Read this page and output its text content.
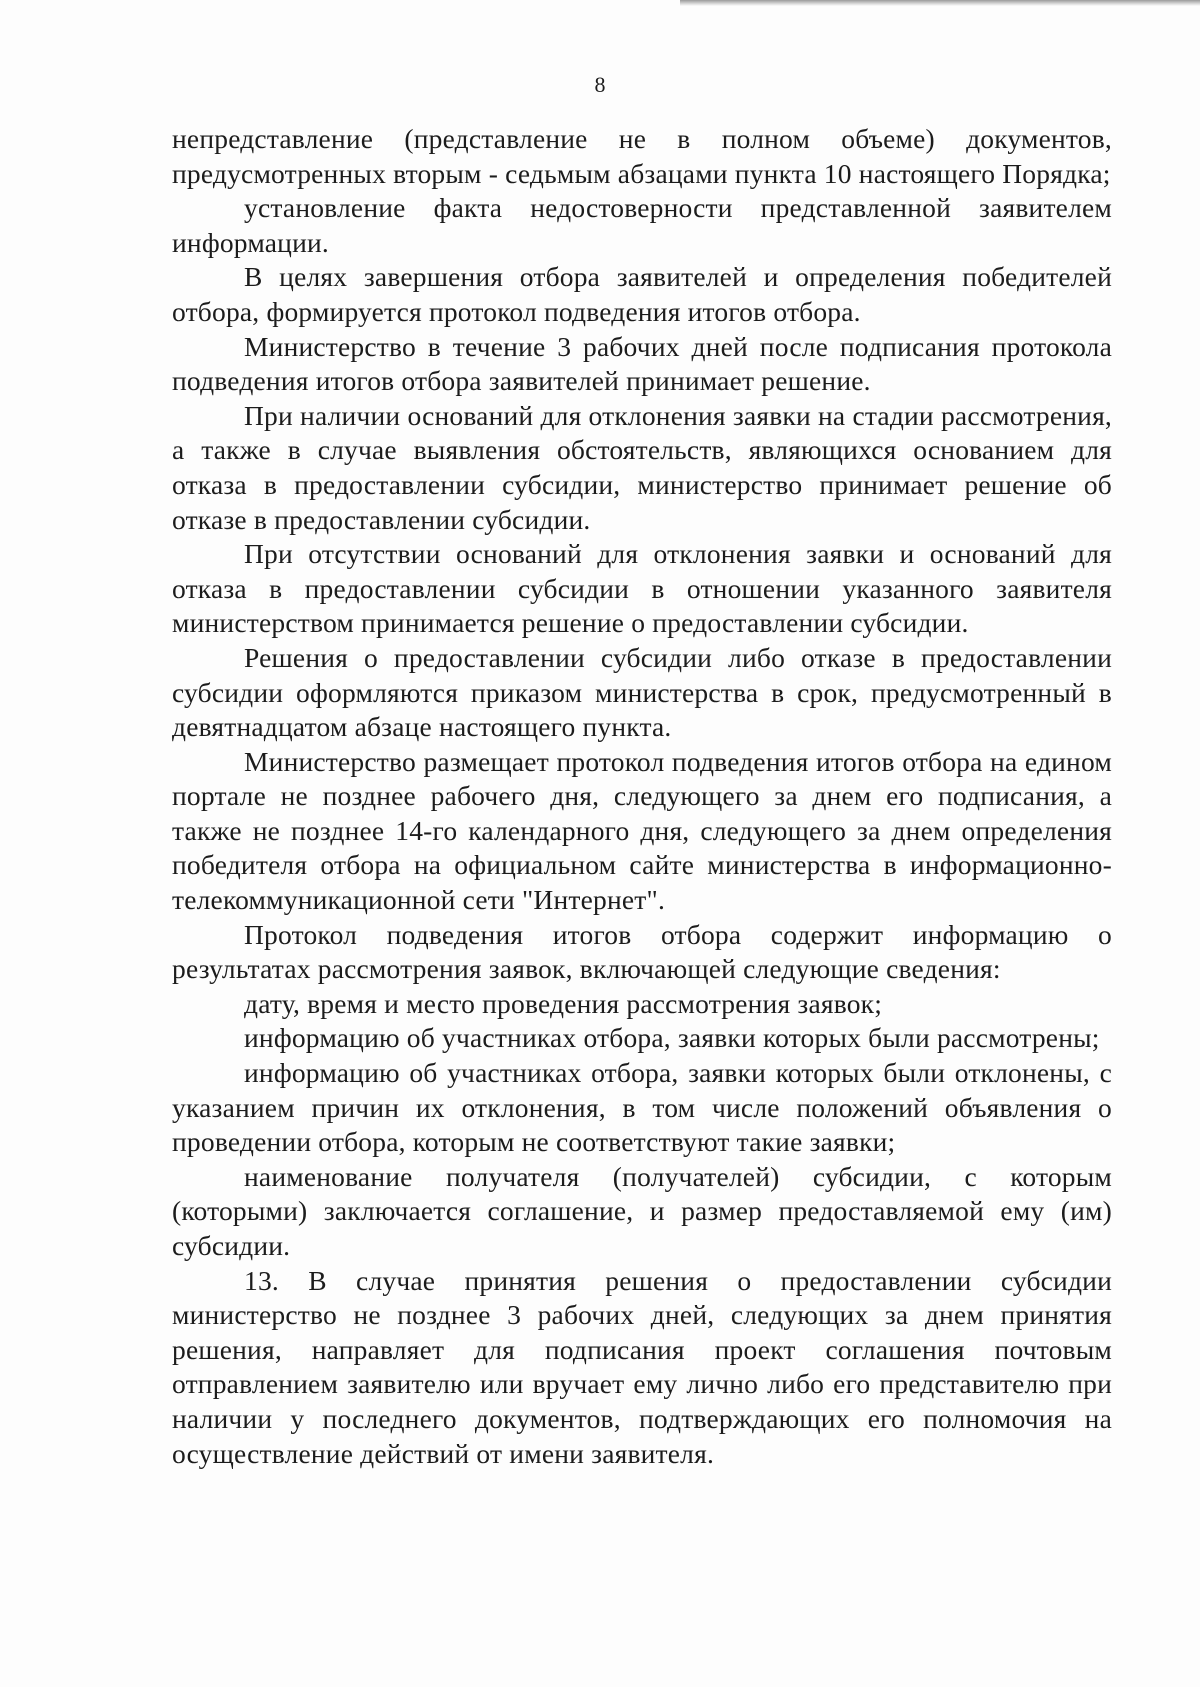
8

непредставление (представление не в полном объеме) документов, предусмотренных вторым - седьмым абзацами пункта 10 настоящего Порядка;

установление факта недостоверности представленной заявителем информации.

В целях завершения отбора заявителей и определения победителей отбора, формируется протокол подведения итогов отбора.

Министерство в течение 3 рабочих дней после подписания протокола подведения итогов отбора заявителей принимает решение.

При наличии оснований для отклонения заявки на стадии рассмотрения, а также в случае выявления обстоятельств, являющихся основанием для отказа в предоставлении субсидии, министерство принимает решение об отказе в предоставлении субсидии.

При отсутствии оснований для отклонения заявки и оснований для отказа в предоставлении субсидии в отношении указанного заявителя министерством принимается решение о предоставлении субсидии.

Решения о предоставлении субсидии либо отказе в предоставлении субсидии оформляются приказом министерства в срок, предусмотренный в девятнадцатом абзаце настоящего пункта.

Министерство размещает протокол подведения итогов отбора на едином портале не позднее рабочего дня, следующего за днем его подписания, а также не позднее 14-го календарного дня, следующего за днем определения победителя отбора на официальном сайте министерства в информационно-телекоммуникационной сети "Интернет".

Протокол подведения итогов отбора содержит информацию о результатах рассмотрения заявок, включающей следующие сведения:

дату, время и место проведения рассмотрения заявок;

информацию об участниках отбора, заявки которых были рассмотрены;

информацию об участниках отбора, заявки которых были отклонены, с указанием причин их отклонения, в том числе положений объявления о проведении отбора, которым не соответствуют такие заявки;

наименование получателя (получателей) субсидии, с которым (которыми) заключается соглашение, и размер предоставляемой ему (им) субсидии.

13. В случае принятия решения о предоставлении субсидии министерство не позднее 3 рабочих дней, следующих за днем принятия решения, направляет для подписания проект соглашения почтовым отправлением заявителю или вручает ему лично либо его представителю при наличии у последнего документов, подтверждающих его полномочия на осуществление действий от имени заявителя.
